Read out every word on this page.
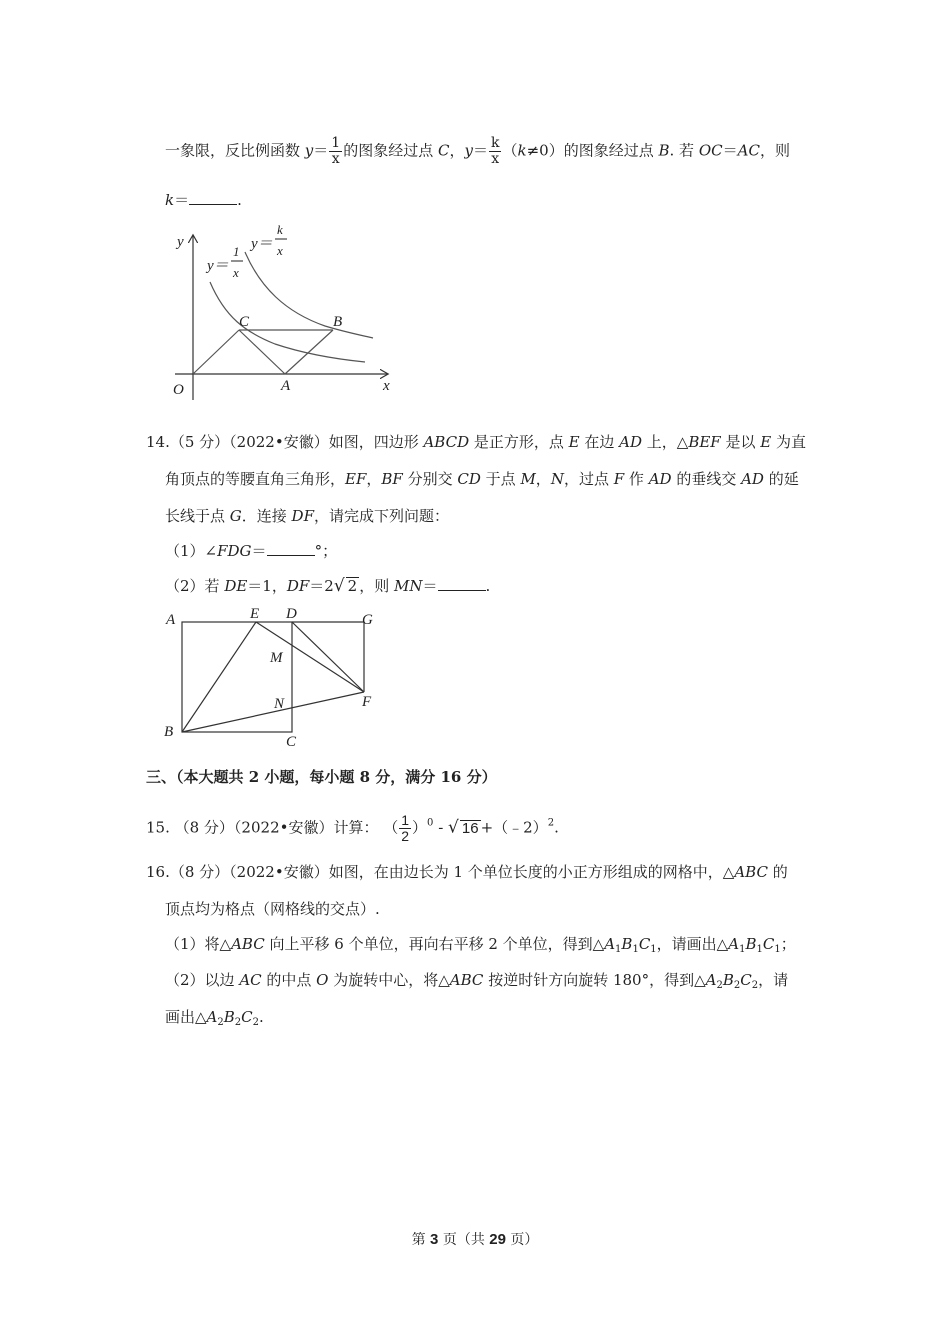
一象限，反比例函数 $y= \frac{1}{x}$ 的图象经过点 C，$y= \frac{k}{x} (k\ne 0)$的图象经过点 B. 若 OC＝AC，则
k＝	.
y
x
O	A
B
C
y＝
1
x
y＝
k
x
14.（5 分）（2022•安徽）如图，四边形 ABCD 是正方形，点 E 在边 AD 上，△BEF 是以 E 为直
角顶点的等腰直角三角形，EF，BF 分别交 CD 于点 M，N，过点 F 作 AD 的垂线交 AD 的延
长线于点 G．连接 DF，请完成下列问题：
（1）∠FDG＝	°；
（2）若 DE＝1，DF＝2√ 2 ，则 MN＝	.
A	E D	G
M
N	F
B
C
三、（本大题共 2 小题，每小题 8 分，满分 16 分）
15. （8 分）（2022•安徽）计算： （ $\frac{1}{2} )^0$ - √ 16 +（﹣2）$^2$.
16.（8 分）（2022•安徽）如图，在由边长为 1 个单位长度的小正方形组成的网格中，△ABC 的
顶点均为格点（网格线的交点）.
（1）将△ABC 向上平移 6 个单位，再向右平移 2 个单位，得到$\triangle A_1B_1C_1$，请画出$\triangle A_1B_1C_1$；
（2）以边 AC 的中点 O 为旋转中心，将△ABC 按逆时针方向旋转 180°，得到$\triangle A_2B_2C_2$，请
画出$\triangle A_2B_2C_2$.
第 3 页（共 29 页）
